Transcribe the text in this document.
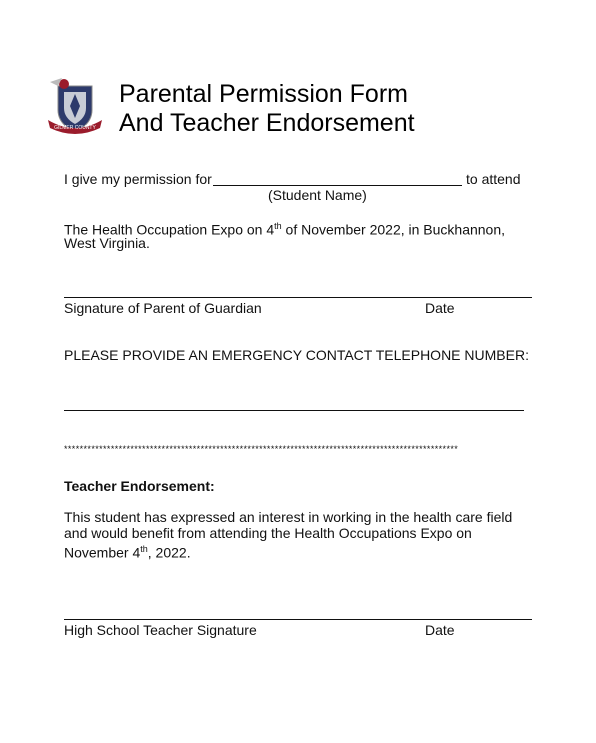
GILMER COUNTY
Parental Permission Form
And Teacher Endorsement
I give my permission for	to attend
(Student Name)
The Health Occupation Expo on 4th of November 2022, in Buckhannon,
West Virginia.
Signature of Parent of Guardian	Date
PLEASE PROVIDE AN EMERGENCY CONTACT TELEPHONE NUMBER:
*****************************************************************************************************
Teacher Endorsement:
This student has expressed an interest in working in the health care field
and would benefit from attending the Health Occupations Expo on
November 4th, 2022.
High School Teacher Signature	Date
